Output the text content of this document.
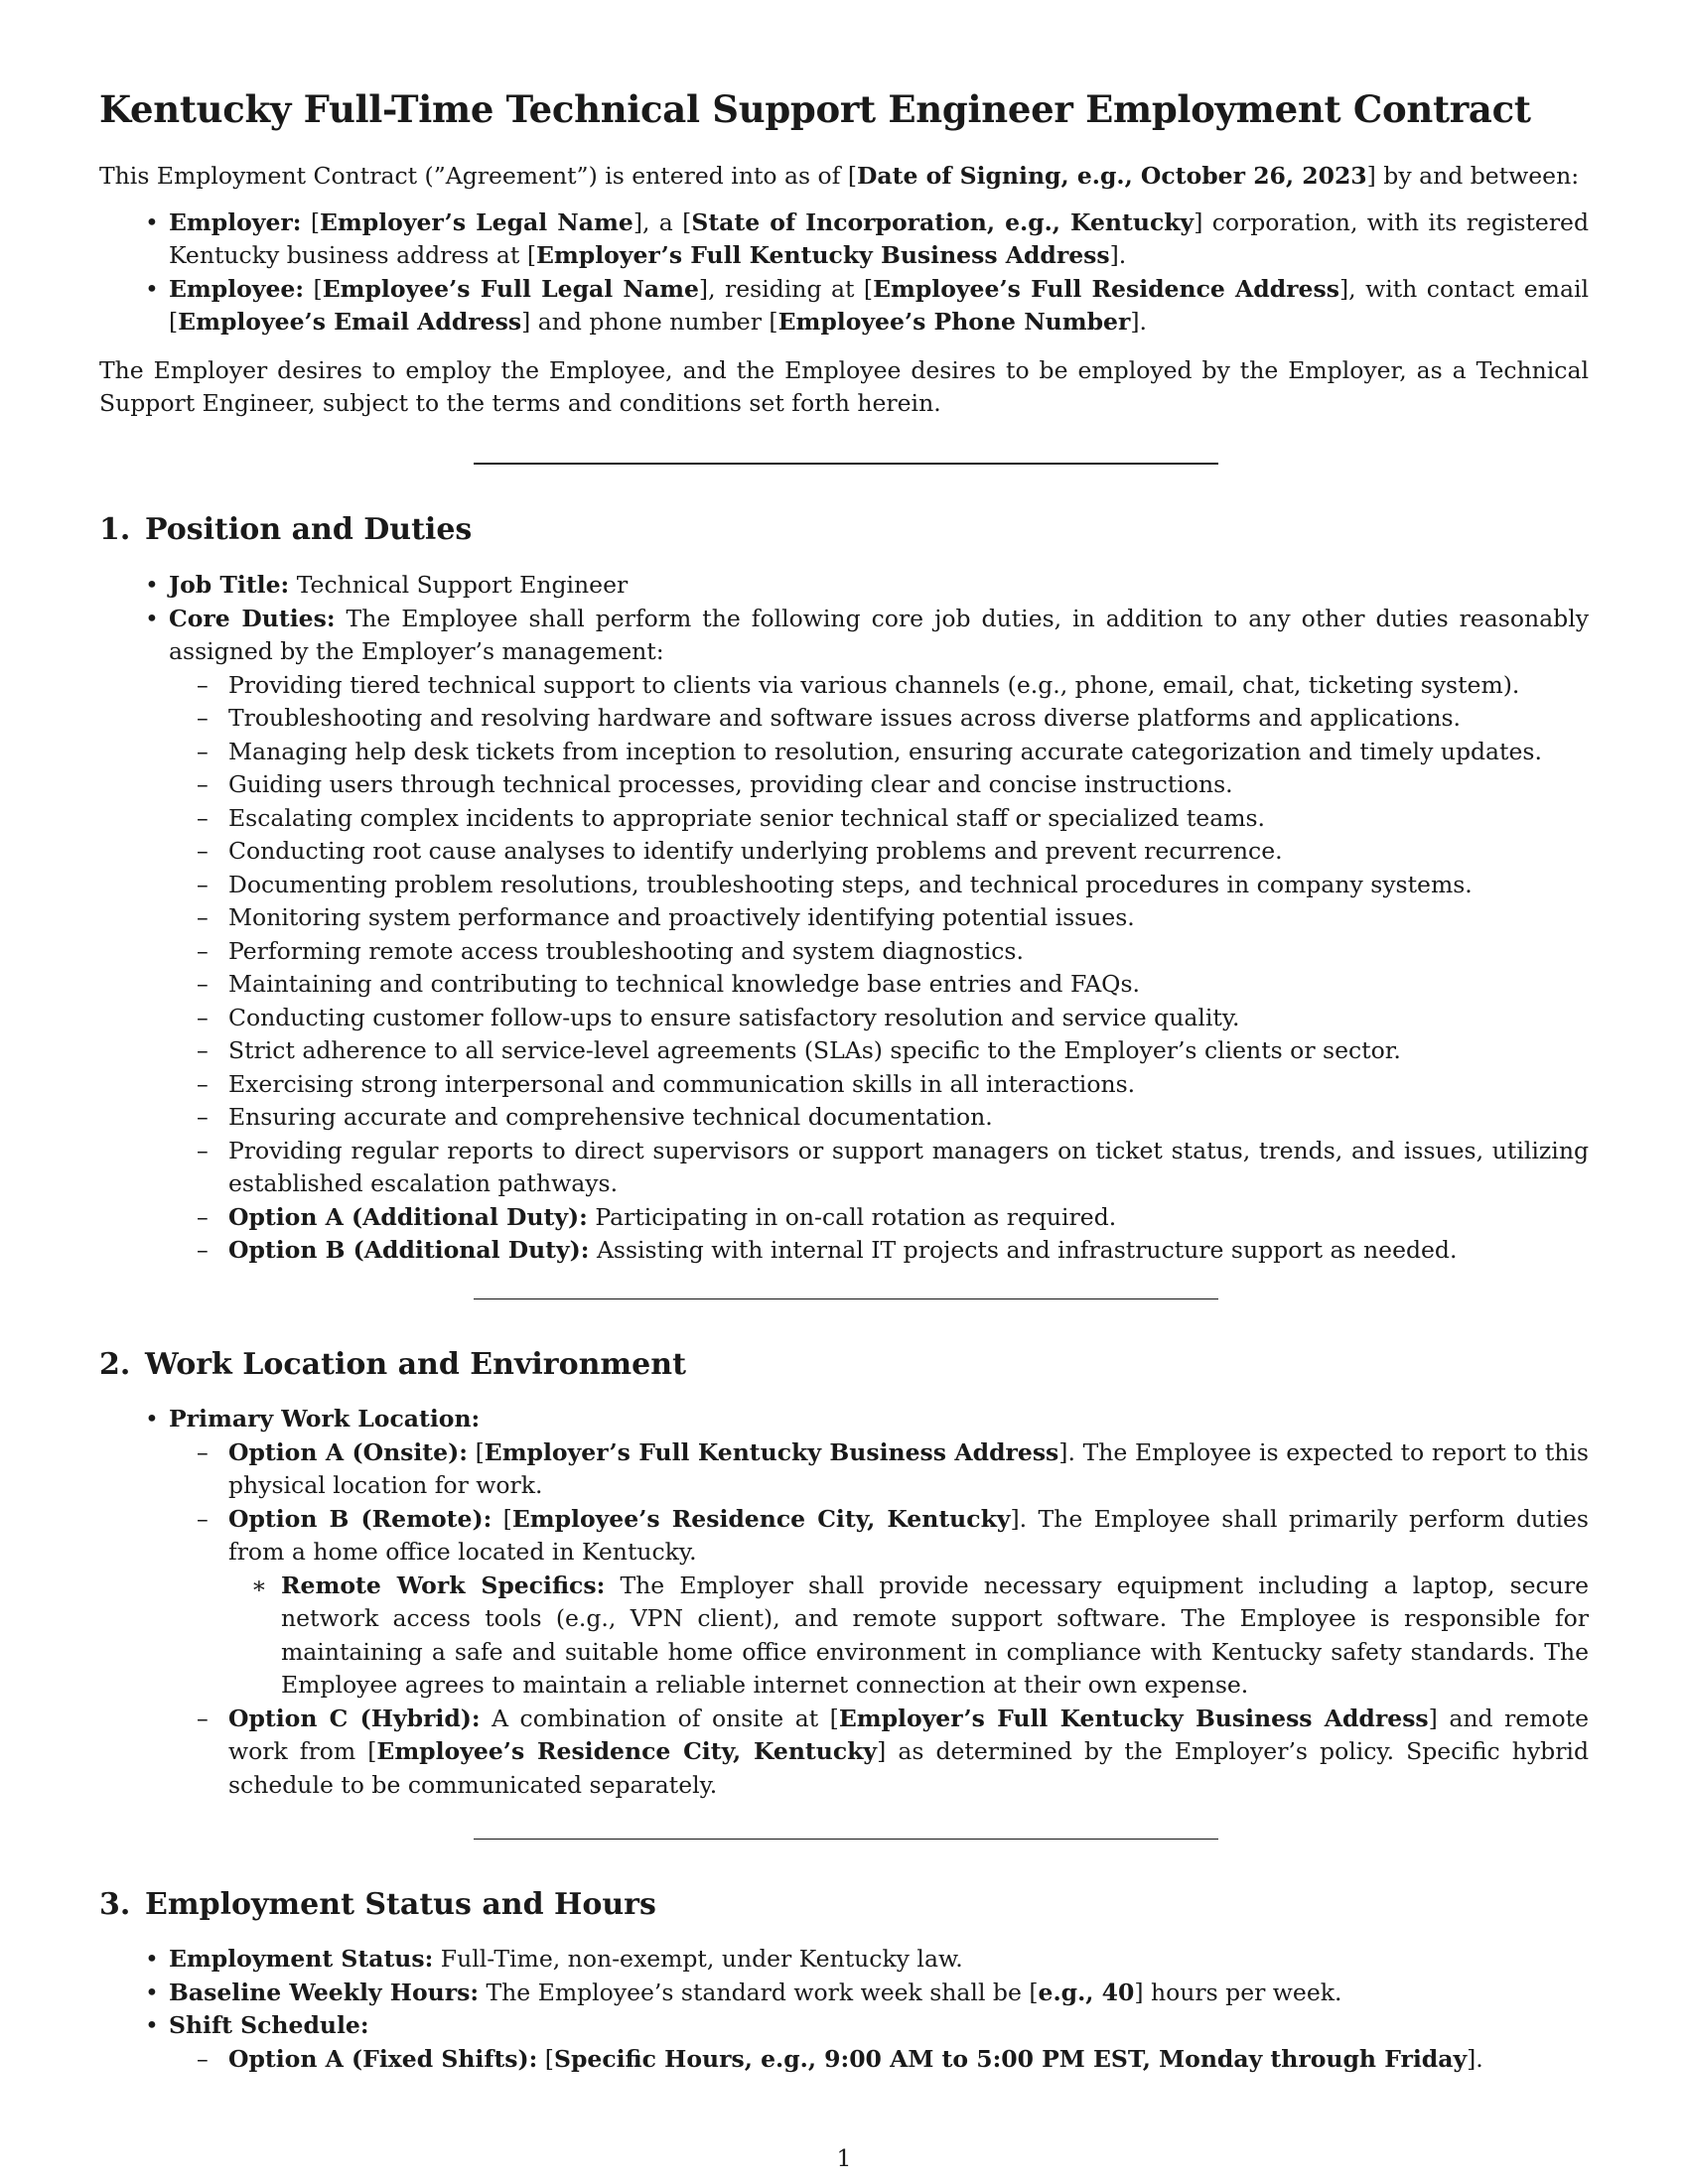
Kentucky Full-Time Technical Support Engineer Employment Contract

This Employment Contract (”Agreement”) is entered into as of [Date of Signing, e.g., October 26, 2023] by and between:

• Employer: [Employer’s Legal Name], a [State of Incorporation, e.g., Kentucky] corporation, with its registered Kentucky business address at [Employer’s Full Kentucky Business Address].
• Employee: [Employee’s Full Legal Name], residing at [Employee’s Full Residence Address], with contact email [Employee’s Email Address] and phone number [Employee’s Phone Number].

The Employer desires to employ the Employee, and the Employee desires to be employed by the Employer, as a Technical Support Engineer, subject to the terms and conditions set forth herein.

1. Position and Duties
• Job Title: Technical Support Engineer
• Core Duties: The Employee shall perform the following core job duties, in addition to any other duties reasonably assigned by the Employer’s management:
– Providing tiered technical support to clients via various channels (e.g., phone, email, chat, ticketing system).
– Troubleshooting and resolving hardware and software issues across diverse platforms and applications.
– Managing help desk tickets from inception to resolution, ensuring accurate categorization and timely updates.
– Guiding users through technical processes, providing clear and concise instructions.
– Escalating complex incidents to appropriate senior technical staff or specialized teams.
– Conducting root cause analyses to identify underlying problems and prevent recurrence.
– Documenting problem resolutions, troubleshooting steps, and technical procedures in company systems.
– Monitoring system performance and proactively identifying potential issues.
– Performing remote access troubleshooting and system diagnostics.
– Maintaining and contributing to technical knowledge base entries and FAQs.
– Conducting customer follow-ups to ensure satisfactory resolution and service quality.
– Strict adherence to all service-level agreements (SLAs) specific to the Employer’s clients or sector.
– Exercising strong interpersonal and communication skills in all interactions.
– Ensuring accurate and comprehensive technical documentation.
– Providing regular reports to direct supervisors or support managers on ticket status, trends, and issues, utilizing established escalation pathways.
– Option A (Additional Duty): Participating in on-call rotation as required.
– Option B (Additional Duty): Assisting with internal IT projects and infrastructure support as needed.
2. Work Location and Environment
• Primary Work Location:
– Option A (Onsite): [Employer’s Full Kentucky Business Address]. The Employee is expected to report to this physical location for work.
– Option B (Remote): [Employee’s Residence City, Kentucky]. The Employee shall primarily perform duties from a home office located in Kentucky.
∗ Remote Work Specifics: The Employer shall provide necessary equipment including a laptop, secure network access tools (e.g., VPN client), and remote support software. The Employee is responsible for maintaining a safe and suitable home office environment in compliance with Kentucky safety standards. The Employee agrees to maintain a reliable internet connection at their own expense.
– Option C (Hybrid): A combination of onsite at [Employer’s Full Kentucky Business Address] and remote work from [Employee’s Residence City, Kentucky] as determined by the Employer’s policy. Specific hybrid schedule to be communicated separately.
3. Employment Status and Hours
• Employment Status: Full-Time, non-exempt, under Kentucky law.
• Baseline Weekly Hours: The Employee’s standard work week shall be [e.g., 40] hours per week.
• Shift Schedule:
– Option A (Fixed Shifts): [Specific Hours, e.g., 9:00 AM to 5:00 PM EST, Monday through Friday].
1
